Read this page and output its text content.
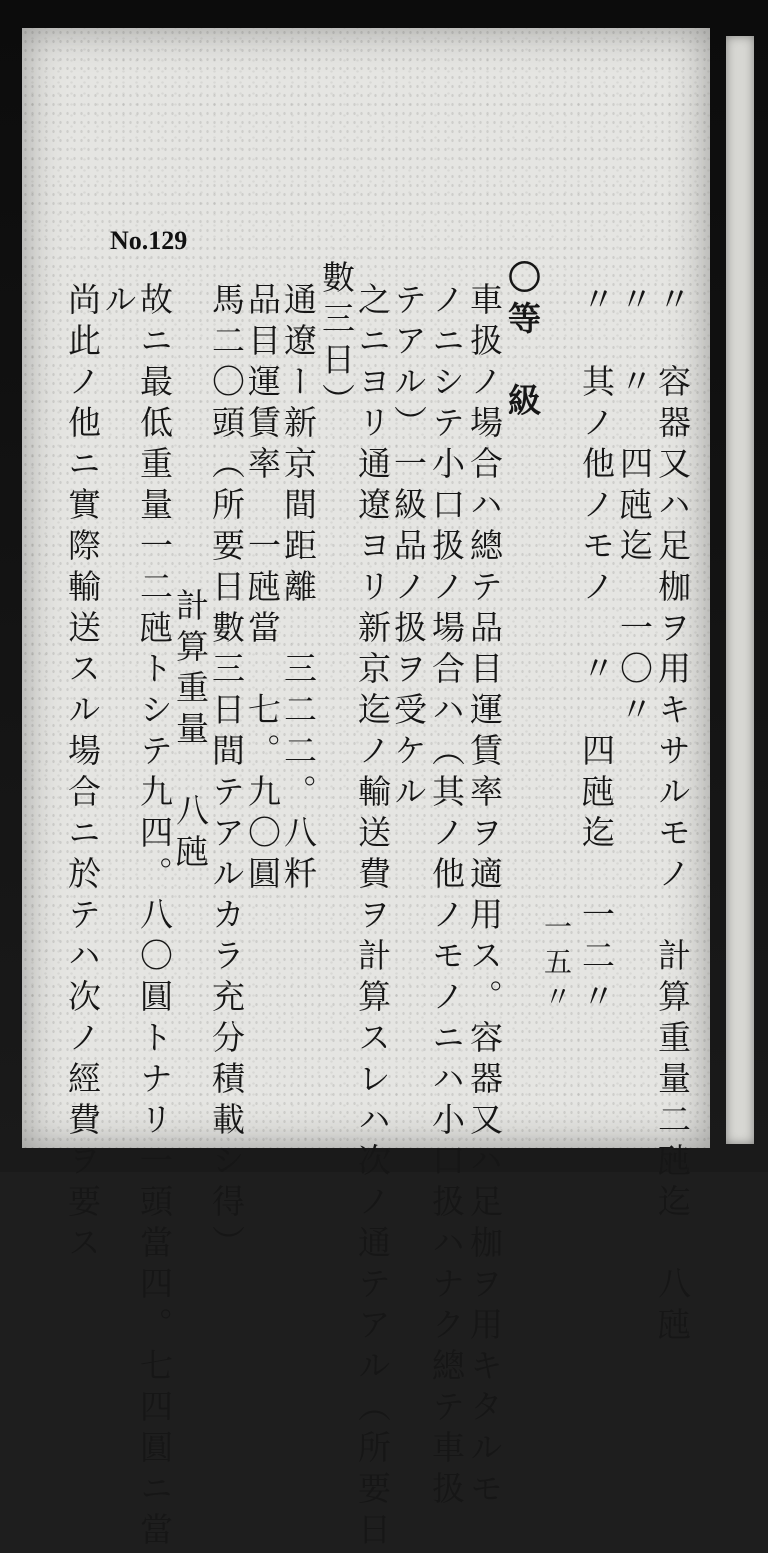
No.129
〃　容器又ハ足枷ヲ用キサルモノ　計算重量二瓲迄　八瓲
〃　〃　四瓲迄　一〇〃
〃　其ノ他ノモノ　〃　四瓲迄　一二〃
　　　　　　　　　　　　　　　　　　一五〃
〇等　級
車扱ノ場合ハ總テ品目運賃率ヲ適用ス。容器又ハ足枷ヲ用キタルモ
ノニシテ小口扱ノ場合ハ（其ノ他ノモノニハ小口扱ハナク總テ車扱
テアル）一級品ノ扱ヲ受ケル
之ニヨリ通遼ヨリ新京迄ノ輸送費ヲ計算スレハ次ノ通テアル（所要日
數三日）
通遼ー新京間距離　三二二。八粁
品目運賃率　一瓲當　七。九〇圓
馬二〇頭（所要日數三日間テアルカラ充分積載シ得）
計算重量　八瓲
故ニ最低重量一二瓲トシテ九四。八〇圓トナリ一頭當四。七四圓ニ當
ル
尚此ノ他ニ實際輸送スル場合ニ於テハ次ノ經費ヲ要ス
